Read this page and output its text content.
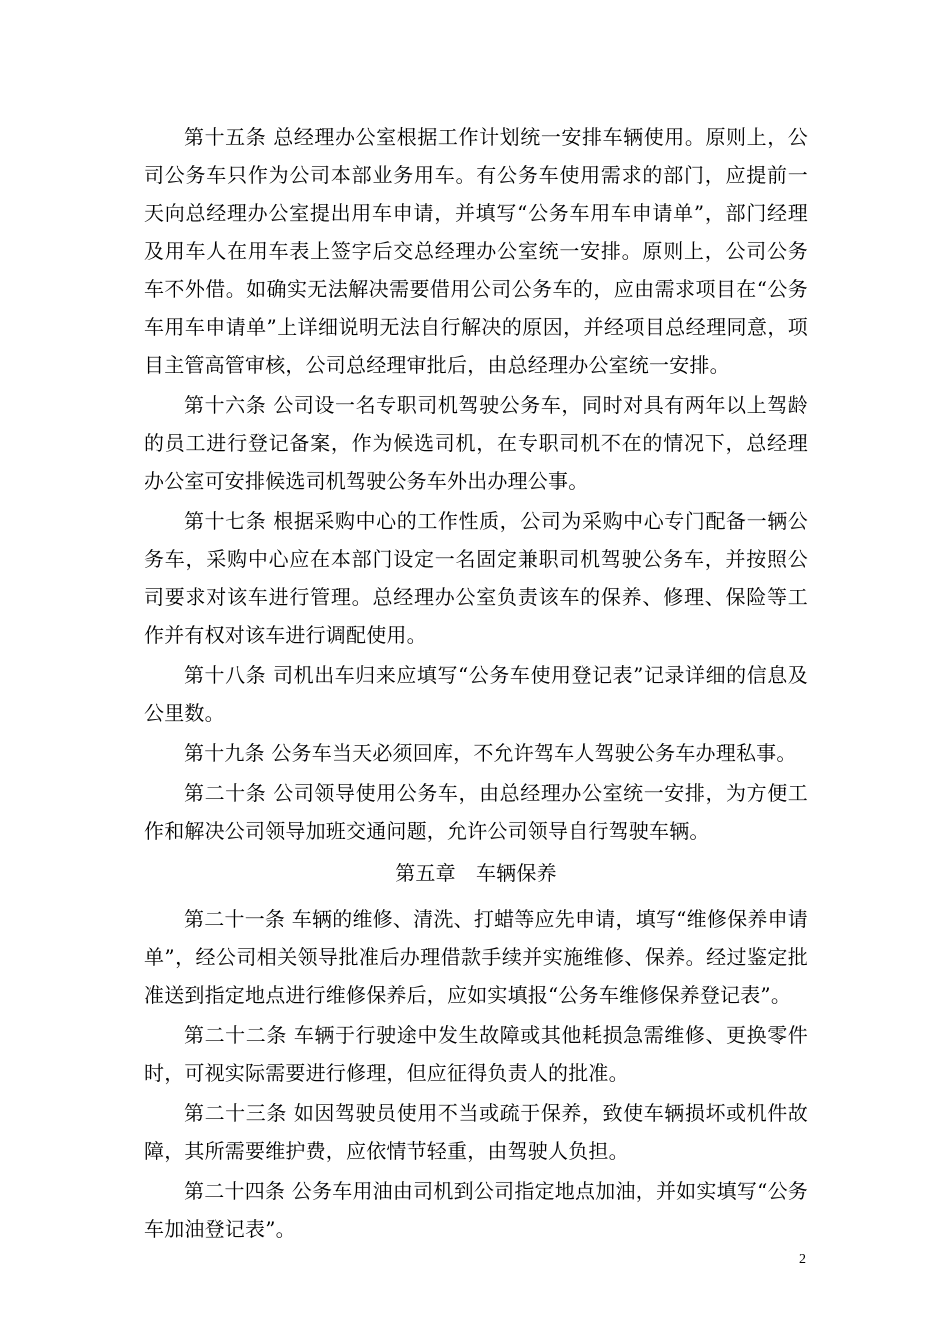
第十五条 总经理办公室根据工作计划统一安排车辆使用。原则上，公司公务车只作为公司本部业务用车。有公务车使用需求的部门，应提前一天向总经理办公室提出用车申请，并填写“公务车用车申请单”，部门经理及用车人在用车表上签字后交总经理办公室统一安排。原则上，公司公务车不外借。如确实无法解决需要借用公司公务车的，应由需求项目在“公务车用车申请单”上详细说明无法自行解决的原因，并经项目总经理同意，项目主管高管审核，公司总经理审批后，由总经理办公室统一安排。

第十六条 公司设一名专职司机驾驶公务车，同时对具有两年以上驾龄的员工进行登记备案，作为候选司机，在专职司机不在的情况下，总经理办公室可安排候选司机驾驶公务车外出办理公事。

第十七条 根据采购中心的工作性质，公司为采购中心专门配备一辆公务车，采购中心应在本部门设定一名固定兼职司机驾驶公务车，并按照公司要求对该车进行管理。总经理办公室负责该车的保养、修理、保险等工作并有权对该车进行调配使用。

第十八条 司机出车归来应填写“公务车使用登记表”记录详细的信息及公里数。

第十九条 公务车当天必须回库，不允许驾车人驾驶公务车办理私事。

第二十条 公司领导使用公务车，由总经理办公室统一安排，为方便工作和解决公司领导加班交通问题，允许公司领导自行驾驶车辆。

第五章　车辆保养

第二十一条 车辆的维修、清洗、打蜡等应先申请，填写“维修保养申请单”，经公司相关领导批准后办理借款手续并实施维修、保养。经过鉴定批准送到指定地点进行维修保养后，应如实填报“公务车维修保养登记表”。

第二十二条 车辆于行驶途中发生故障或其他耗损急需维修、更换零件时，可视实际需要进行修理，但应征得负责人的批准。

第二十三条 如因驾驶员使用不当或疏于保养，致使车辆损坏或机件故障，其所需要维护费，应依情节轻重，由驾驶人负担。

第二十四条 公务车用油由司机到公司指定地点加油，并如实填写“公务车加油登记表”。

2
